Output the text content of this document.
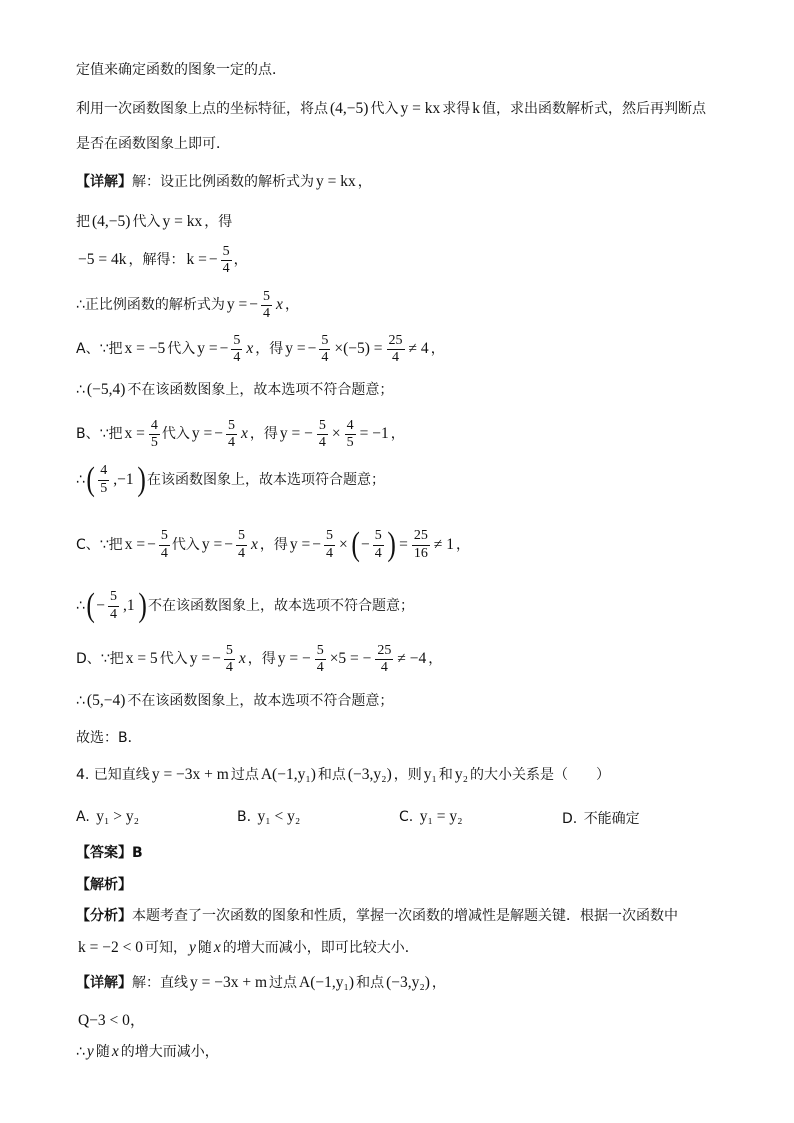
定值来确定函数的图象一定的点．
利用一次函数图象上点的坐标特征，将点 (4,−5) 代入 y = kx 求得 k 值，求出函数解析式，然后再判断点
是否在函数图象上即可．
【详解】 解：设正比例函数的解析式为 y = kx ，
把 (4,−5) 代入 y = kx ，得
−5 = 4k ，解得： k = − $\frac{5}{4}$ ，
∴正比例函数的解析式为 y = − $\frac{5}{4}$ x ，
A、∵把 x = −5 代入 y = − $\frac{5}{4}$ x ，得 y = − $\frac{5}{4} \times(-5) = \frac{25}{4} \ne 4$ ，
∴ (−5,4) 不在该函数图象上，故本选项不符合题意；
B、∵把 $x = \frac{4}{5}$ 代入 y = − $\frac{5}{4}$ x ，得 y = − $\frac{5}{4} \times \frac{4}{5} = -1$ ，
∴ ( $\frac{4}{5} ,-1$ ) 在该函数图象上，故本选项符合题意；
C、∵把 x = − $\frac{5}{4}$ 代入 y = − $\frac{5}{4}$ x ，得 y = − $\frac{5}{4}$ × ( − $\frac{5}{4}$ ) = $\frac{25}{16} \ne 1$ ，
∴ ( − $\frac{5}{4} ,1$ ) 不在该函数图象上，故本选项不符合题意；
D、∵把 x = 5 代入 y = − $\frac{5}{4}$ x ，得 y = − $\frac{5}{4} \times 5$ = − $\frac{25}{4} \ne -4$ ，
∴ (5,−4) 不在该函数图象上，故本选项不符合题意；
故选：B．
4. 已知直线 y = −3x + m 过点 A(−1,y₁) 和点 (−3,y₂) ，则 y₁ 和 y₂ 的大小关系是（　　）
A. y₁ > y₂	B. y₁ < y₂	C. y₁ = y₂	D. 不能确定
【答案】B
【解析】
【分析】 本题考查了一次函数的图象和性质，掌握一次函数的增减性是解题关键．根据一次函数中
k = −2 < 0 可知， y 随 x 的增大而减小，即可比较大小．
【详解】 解：直线 y = −3x + m 过点 A(−1,y₁) 和点 (−3,y₂) ，
Q−3 < 0，
∴ y 随 x 的增大而减小，
